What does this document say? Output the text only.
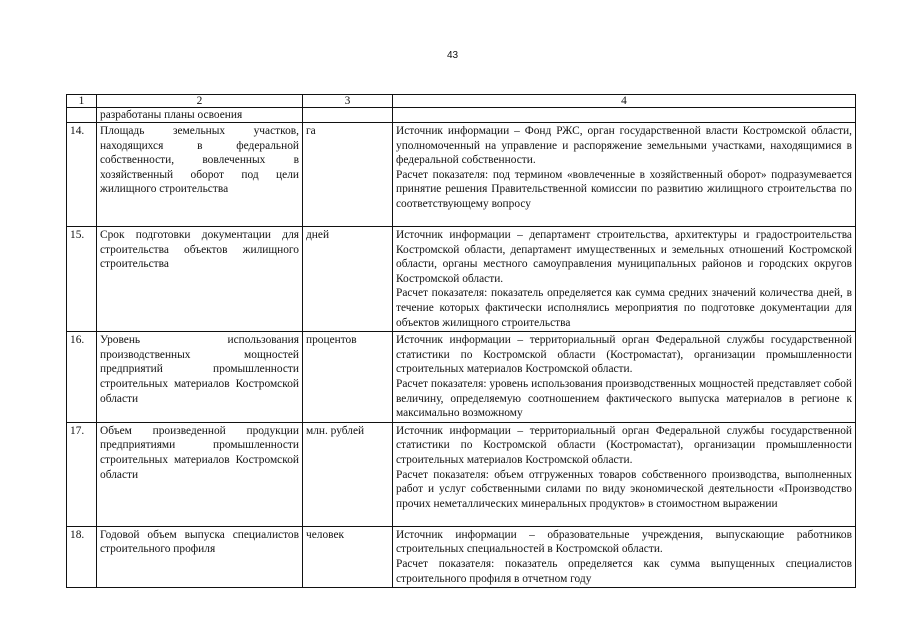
43
1	2	3	4
	разработаны планы освоения		
14.	Площадь земельных участков, находящихся в федеральной собственности, вовлеченных в хозяйственный оборот под цели жилищного строительства	га	Источник информации – Фонд РЖС, орган государственной власти Костромской области, уполномоченный на управление и распоряжение земельными участками, находящимися в федеральной собственности.

Расчет показателя: под термином «вовлеченные в хозяйственный оборот» подразумевается принятие решения Правительственной комиссии по развитию жилищного строительства по соответствующему вопросу

15.	Срок подготовки документации для строительства объектов жилищного строительства	дней	Источник информации – департамент строительства, архитектуры и градостроительства Костромской области, департамент имущественных и земельных отношений Костромской области, органы местного самоуправления муниципальных районов и городских округов Костромской области.

Расчет показателя: показатель определяется как сумма средних значений количества дней, в течение которых фактически исполнялись мероприятия по подготовке документации для объектов жилищного строительства

16.	Уровень использования производственных мощностей предприятий промышленности строительных материалов Костромской области	процентов	Источник информации – территориальный орган Федеральной службы государственной статистики по Костромской области (Костромастат), организации промышленности строительных материалов Костромской области.

Расчет показателя: уровень использования производственных мощностей представляет собой величину, определяемую соотношением фактического выпуска материалов в регионе к максимально возможному

17.	Объем произведенной продукции предприятиями промышленности строительных материалов Костромской области	млн. рублей	Источник информации – территориальный орган Федеральной службы государственной статистики по Костромской области (Костромастат), организации промышленности строительных материалов Костромской области.

Расчет показателя: объем отгруженных товаров собственного производства, выполненных работ и услуг собственными силами по виду экономической деятельности «Производство прочих неметаллических минеральных продуктов» в стоимостном выражении

18.	Годовой объем выпуска специалистов строительного профиля	человек	Источник информации – образовательные учреждения, выпускающие работников строительных специальностей в Костромской области.

Расчет показателя: показатель определяется как сумма выпущенных специалистов строительного профиля в отчетном году
